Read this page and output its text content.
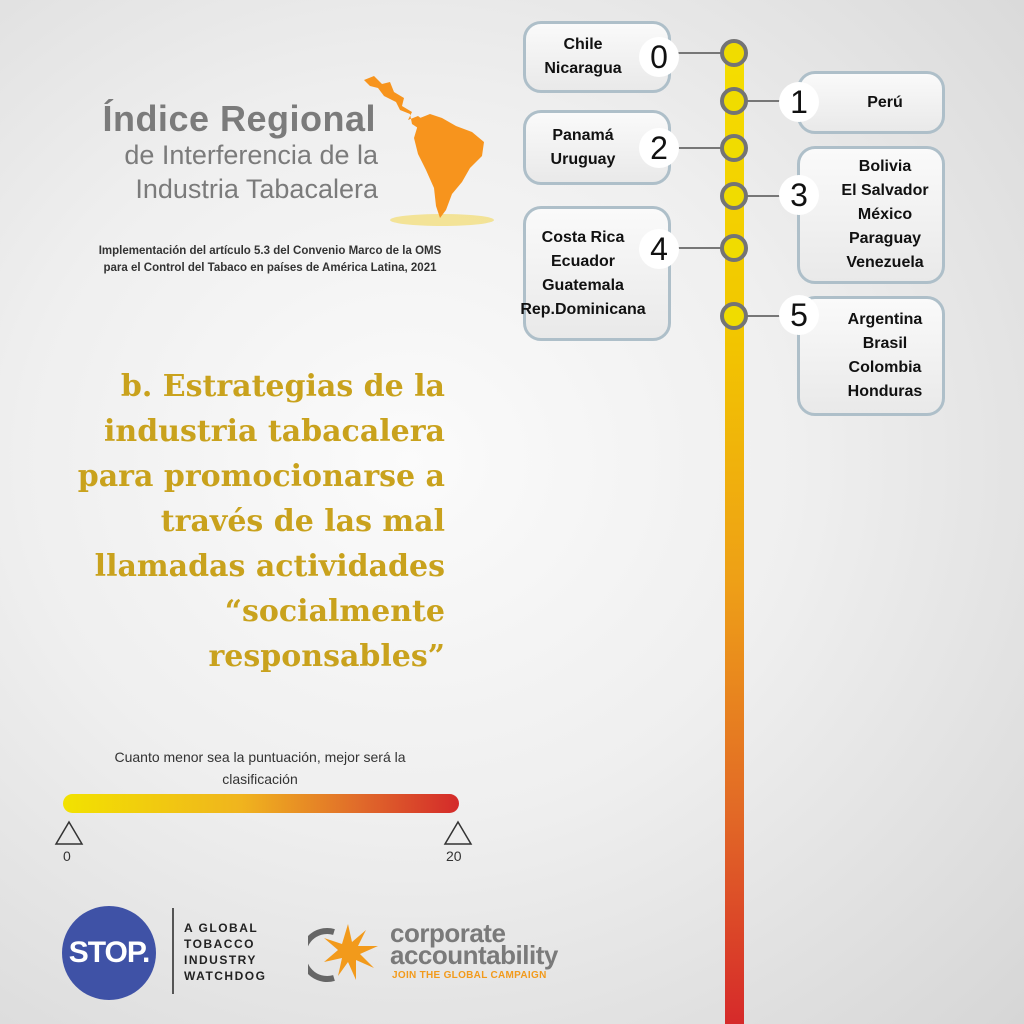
Índice Regional
de Interferencia de la
Industria Tabacalera
Implementación del artículo 5.3 del Convenio Marco de la OMS
para el Control del Tabaco en países de América Latina, 2021
b. Estrategias de la
industria tabacalera
para promocionarse a
través de las mal
llamadas actividades
“socialmente
responsables”
Cuanto menor sea la puntuación, mejor será la
clasificación
0	20
Chile
Nicaragua 0
Perú
1
Panamá
Uruguay	2
Bolivia
El Salvador
México
Paraguay
Venezuela
3
Costa Rica
Ecuador
Guatemala
Rep.Dominicana
4
Argentina
Brasil
Colombia
Honduras
5
STOP.
A GLOBAL
TOBACCO
INDUSTRY
WATCHDOG
corporate
accountability
JOIN THE GLOBAL CAMPAIGN
